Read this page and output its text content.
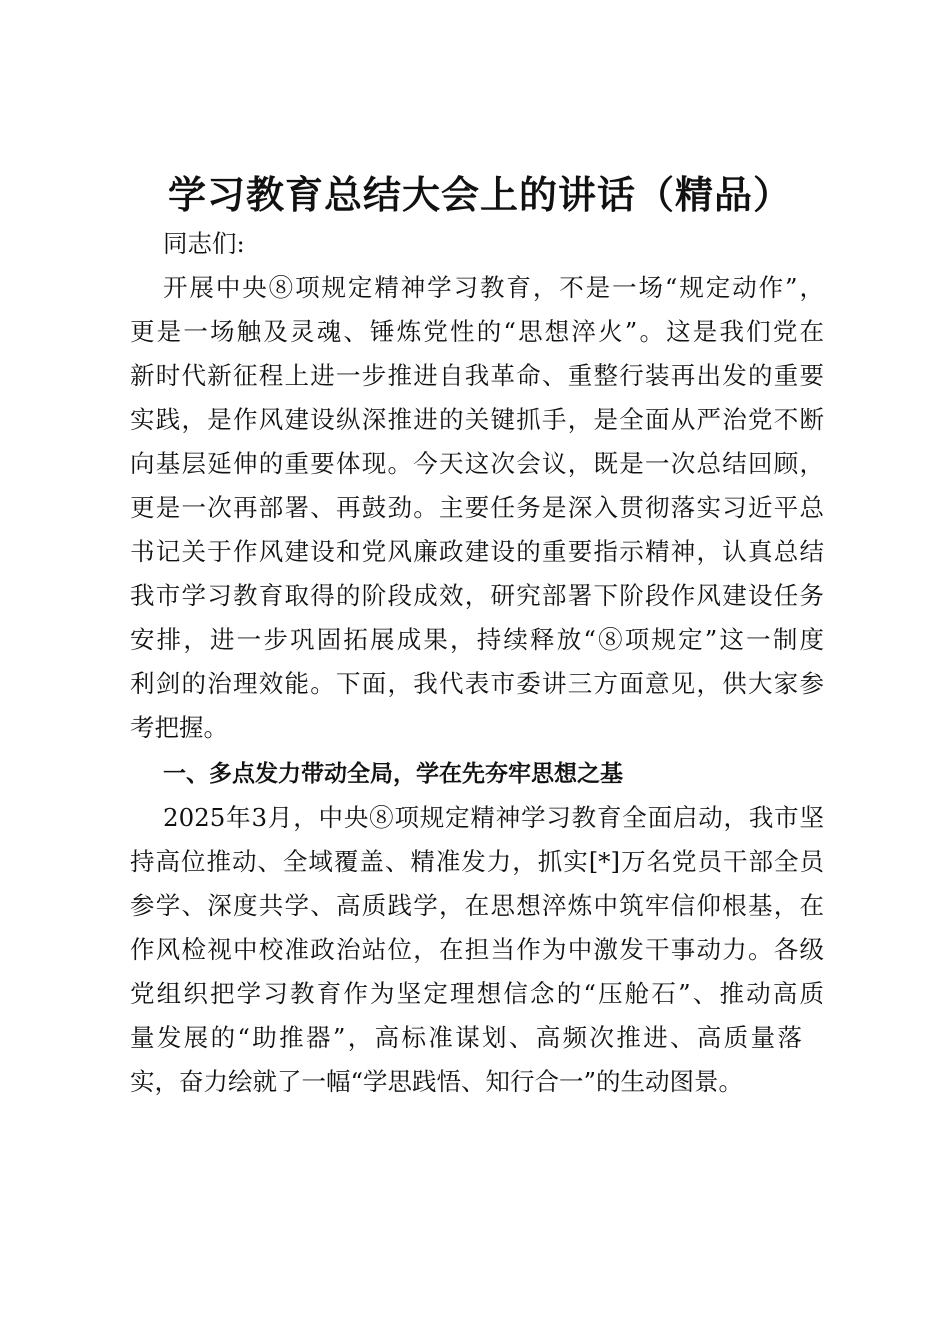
学习教育总结大会上的讲话（精品）
同志们:
开展中央⑧项规定精神学习教育，不是一场“规定动作”，
更是一场触及灵魂、锤炼党性的“思想淬火”。这是我们党在
新时代新征程上进一步推进自我革命、重整行装再出发的重要
实践，是作风建设纵深推进的关键抓手，是全面从严治党不断
向基层延伸的重要体现。今天这次会议，既是一次总结回顾，
更是一次再部署、再鼓劲。主要任务是深入贯彻落实习近平总
书记关于作风建设和党风廉政建设的重要指示精神，认真总结
我市学习教育取得的阶段成效，研究部署下阶段作风建设任务
安排，进一步巩固拓展成果，持续释放“⑧项规定”这一制度
利剑的治理效能。下面，我代表市委讲三方面意见，供大家参
考把握。
一、多点发力带动全局，学在先夯牢思想之基
2025年3月，中央⑧项规定精神学习教育全面启动，我市坚
持高位推动、全域覆盖、精准发力，抓实[*]万名党员干部全员
参学、深度共学、高质践学，在思想淬炼中筑牢信仰根基，在
作风检视中校准政治站位，在担当作为中激发干事动力。各级
党组织把学习教育作为坚定理想信念的“压舱石”、推动高质
量发展的“助推器”，高标准谋划、高频次推进、高质量落
实，奋力绘就了一幅“学思践悟、知行合一”的生动图景。
